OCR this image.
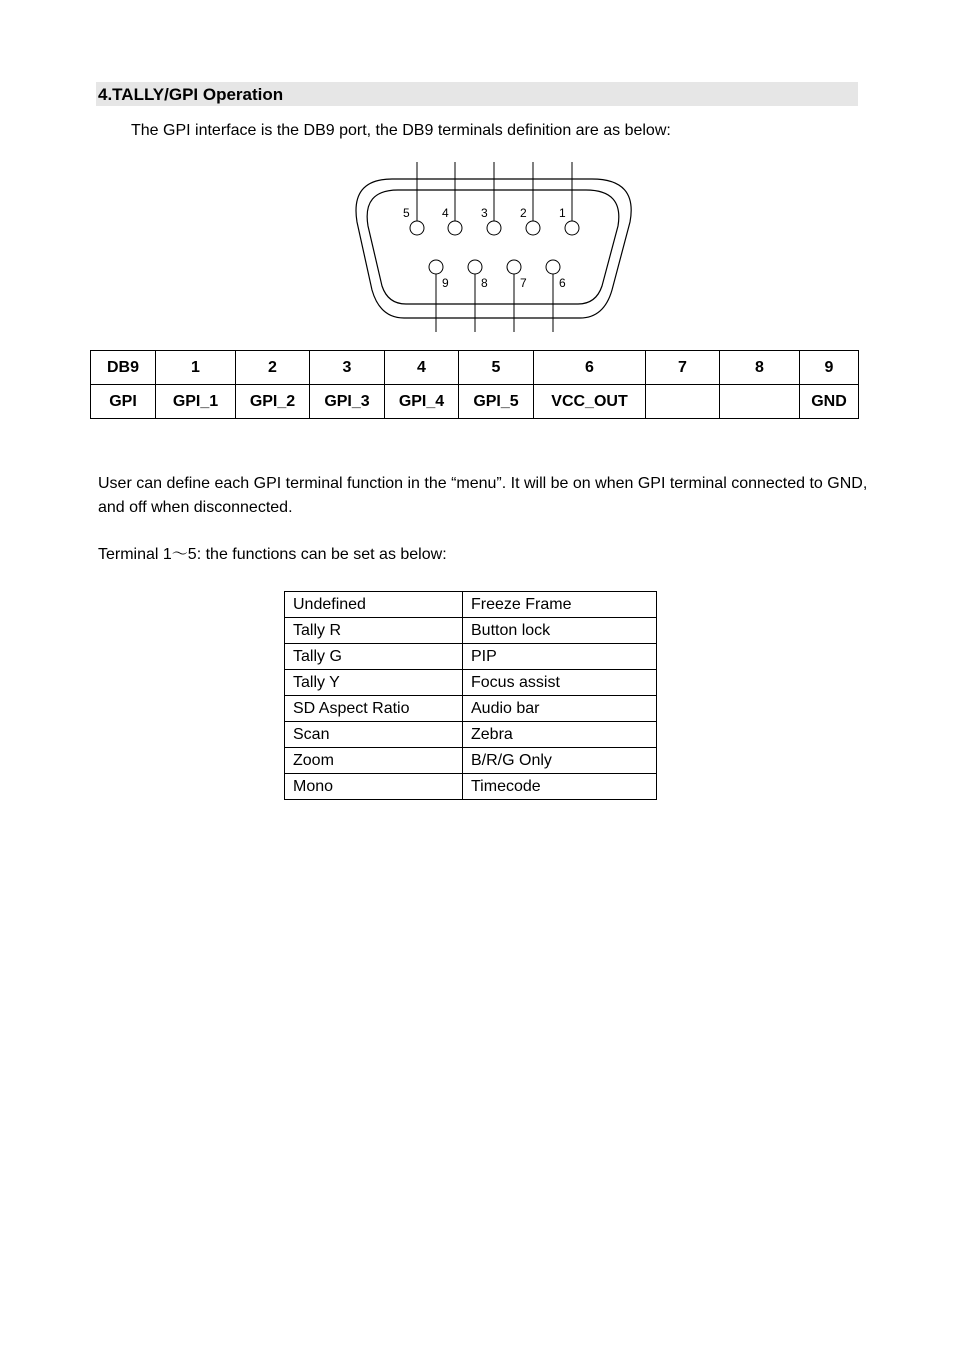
4.TALLY/GPI Operation
The GPI interface is the DB9 port, the DB9 terminals definition are as below:
5	4	3	2	1
9	8	7	6
DB9	1	2	3	4	5	6	7	8	9
GPI	GPI_1	GPI_2	GPI_3	GPI_4	GPI_5	VCC_OUT			GND
User can define each GPI terminal function in the “menu”. It will be on when GPI terminal connected to GND, and off when disconnected.
Terminal 1～5: the functions can be set as below:
Undefined	Freeze Frame
Tally R	Button lock
Tally G	PIP
Tally Y	Focus assist
SD Aspect Ratio	Audio bar
Scan	Zebra
Zoom	B/R/G Only
Mono	Timecode
